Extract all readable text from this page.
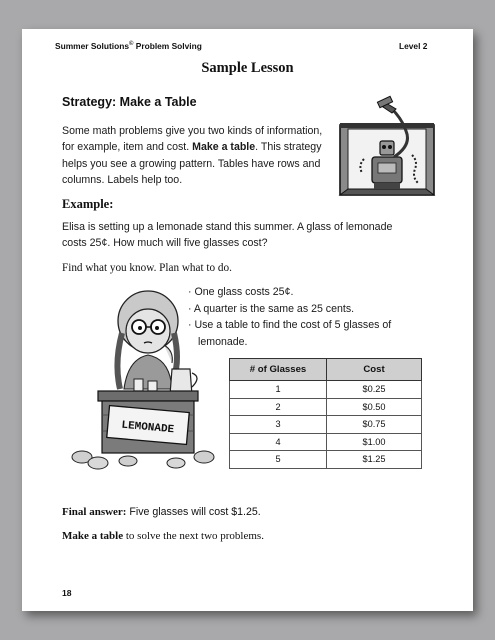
Summer Solutions© Problem Solving	Level 2
Sample Lesson
Strategy: Make a Table
Some math problems give you two kinds of information,
for example, item and cost. Make a table. This strategy
helps you see a growing pattern. Tables have rows and
columns. Labels help too.
Example:
Elisa is setting up a lemonade stand this summer. A glass of lemonade
costs 25¢. How much will five glasses cost?
Find what you know. Plan what to do.
LEMONADE
· One glass costs 25¢.
· A quarter is the same as 25 cents.
· Use a table to find the cost of 5 glasses of lemonade.
# of Glasses	Cost
1	$0.25
2	$0.50
3	$0.75
4	$1.00
5	$1.25
Final answer: Five glasses will cost $1.25.
Make a table to solve the next two problems.
18
